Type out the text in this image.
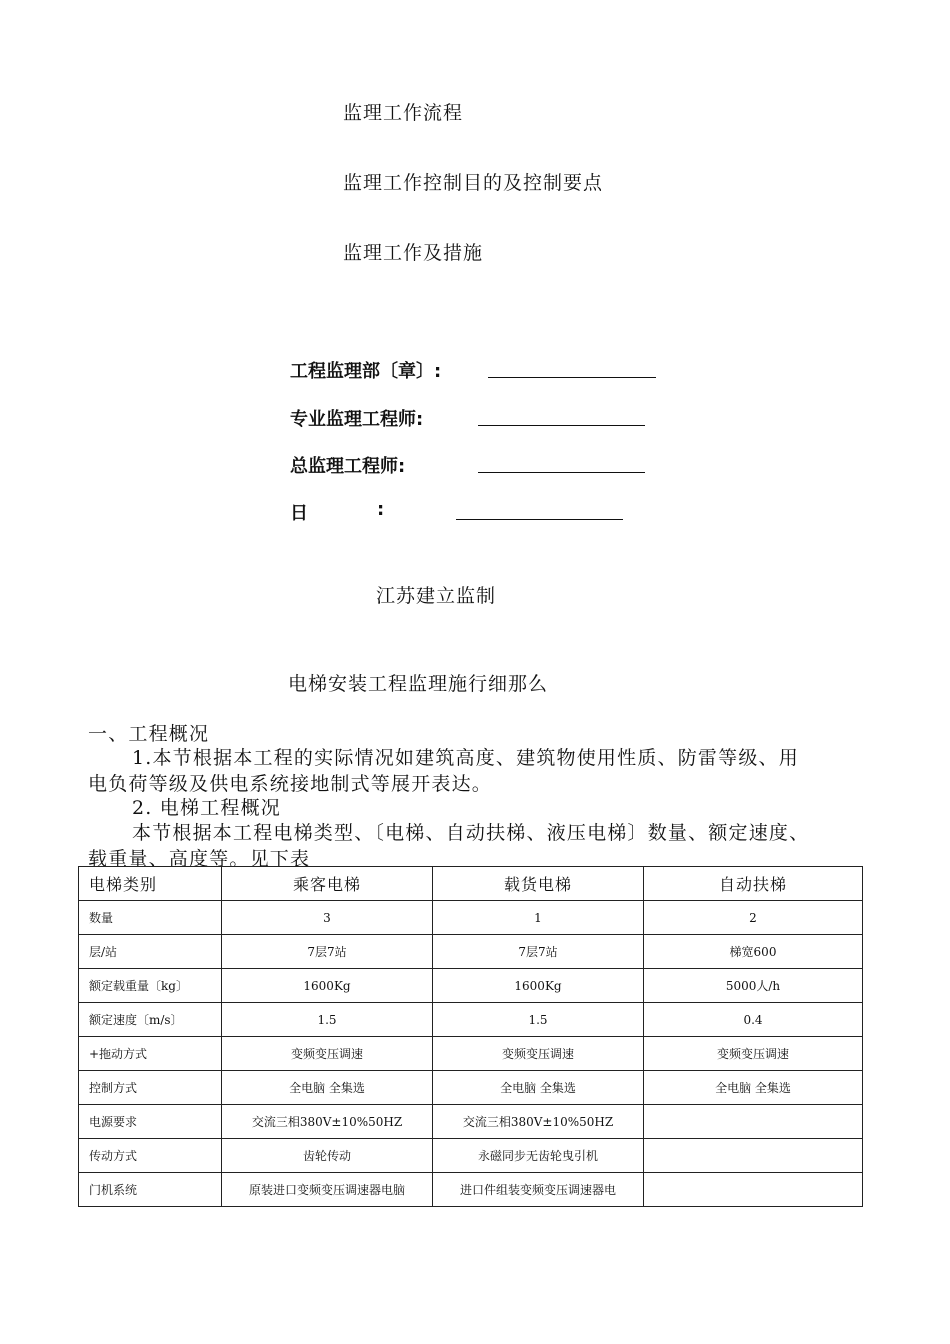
监理工作流程
监理工作控制目的及控制要点
监理工作及措施
工程监理部〔章〕:
专业监理工程师:
总监理工程师:
日	:
江苏建立监制
电梯安装工程监理施行细那么
一、工程概况
1.本节根据本工程的实际情况如建筑高度、建筑物使用性质、防雷等级、用
电负荷等级及供电系统接地制式等展开表达。
2. 电梯工程概况
本节根据本工程电梯类型、〔电梯、自动扶梯、液压电梯〕数量、额定速度、
载重量、高度等。见下表
电梯类别	乘客电梯	载货电梯	自动扶梯
数量	3	1	2
层/站	7层7站	7层7站	梯宽600
额定载重量〔kg〕	1600Kg	1600Kg	5000人/h
额定速度〔m/s〕	1.5	1.5	0.4
+拖动方式	变频变压调速	变频变压调速	变频变压调速
控制方式	全电脑 全集选	全电脑 全集选	全电脑 全集选
电源要求	交流三相380V±10%50HZ	交流三相380V±10%50HZ	
传动方式	齿轮传动	永磁同步无齿轮曳引机	
门机系统	原装进口变频变压调速器电脑	进口件组装变频变压调速器电	
